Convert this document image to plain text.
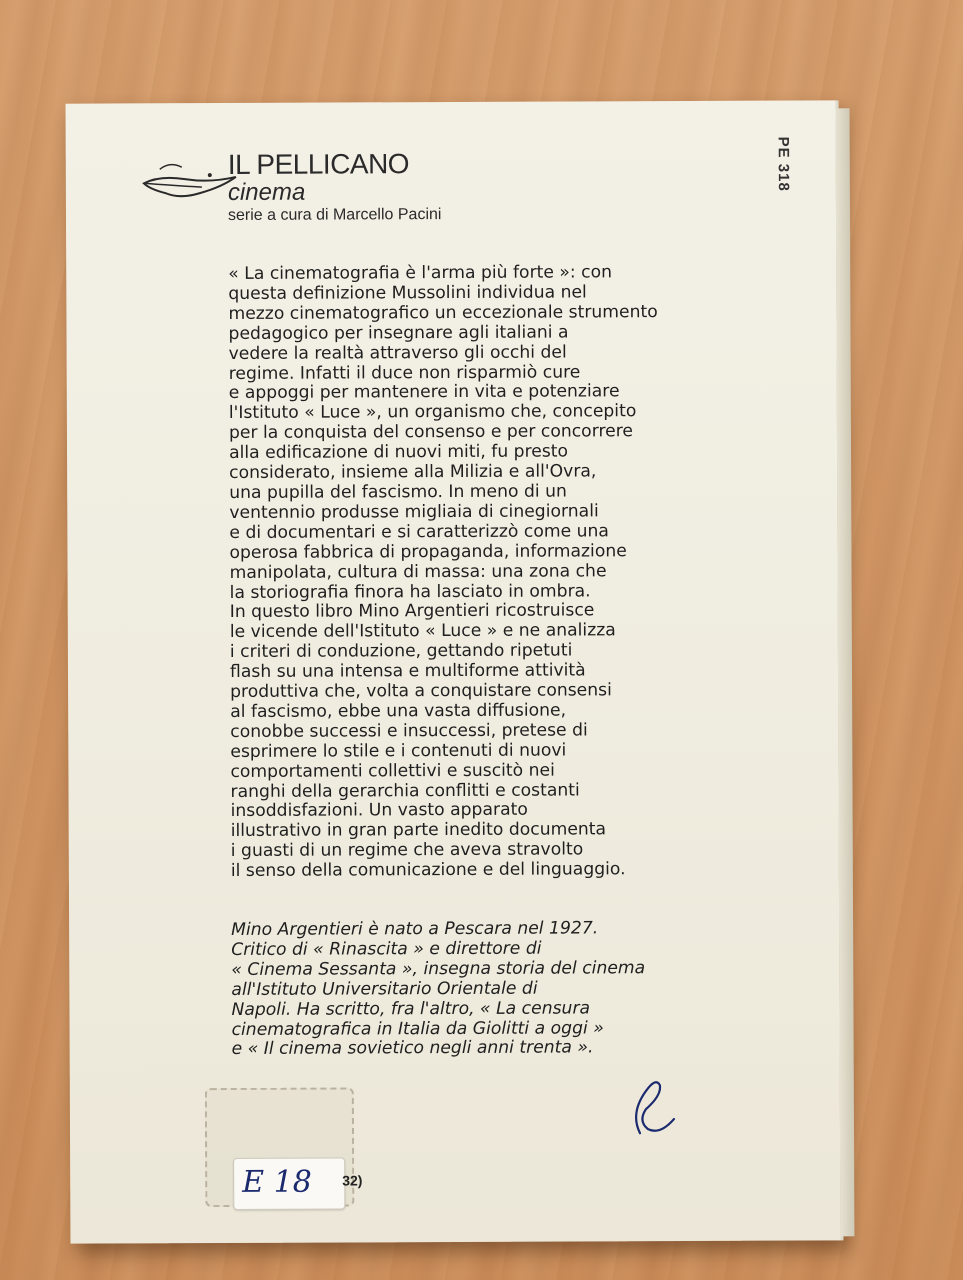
IL PELLICANO
cinema
serie a cura di Marcello Pacini
PE 318
« La cinematografia è l'arma più forte »: con
questa definizione Mussolini individua nel
mezzo cinematografico un eccezionale strumento
pedagogico per insegnare agli italiani a
vedere la realtà attraverso gli occhi del
regime. Infatti il duce non risparmiò cure
e appoggi per mantenere in vita e potenziare
l'Istituto « Luce », un organismo che, concepito
per la conquista del consenso e per concorrere
alla edificazione di nuovi miti, fu presto
considerato, insieme alla Milizia e all'Ovra,
una pupilla del fascismo. In meno di un
ventennio produsse migliaia di cinegiornali
e di documentari e si caratterizzò come una
operosa fabbrica di propaganda, informazione
manipolata, cultura di massa: una zona che
la storiografia finora ha lasciato in ombra.
In questo libro Mino Argentieri ricostruisce
le vicende dell'Istituto « Luce » e ne analizza
i criteri di conduzione, gettando ripetuti
flash su una intensa e multiforme attività
produttiva che, volta a conquistare consensi
al fascismo, ebbe una vasta diffusione,
conobbe successi e insuccessi, pretese di
esprimere lo stile e i contenuti di nuovi
comportamenti collettivi e suscitò nei
ranghi della gerarchia conflitti e costanti
insoddisfazioni. Un vasto apparato
illustrativo in gran parte inedito documenta
i guasti di un regime che aveva stravolto
il senso della comunicazione e del linguaggio.
Mino Argentieri è nato a Pescara nel 1927.
Critico di « Rinascita » e direttore di
« Cinema Sessanta », insegna storia del cinema
all'Istituto Universitario Orientale di
Napoli. Ha scritto, fra l'altro, « La censura
cinematografica in Italia da Giolitti a oggi »
e « Il cinema sovietico negli anni trenta ».
E 18 32)
